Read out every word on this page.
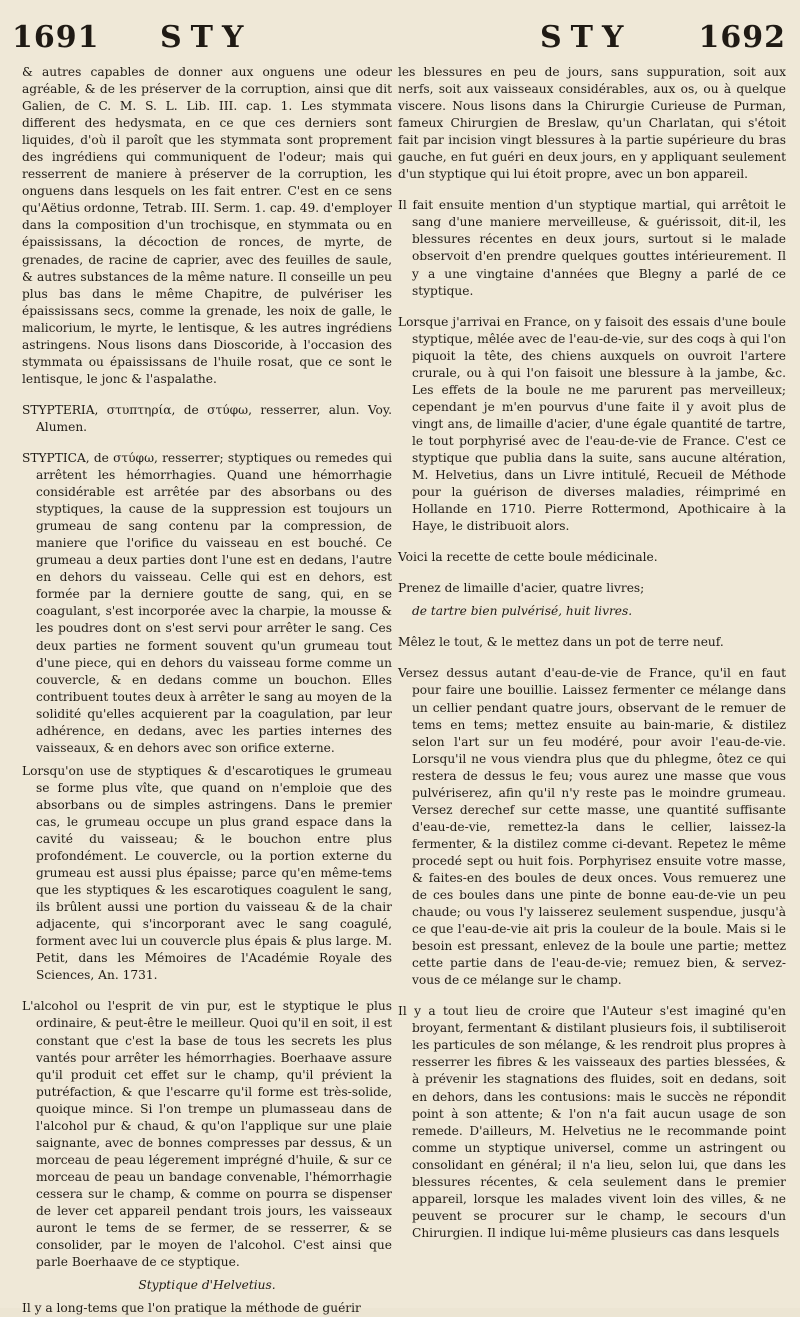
1691 STY	STY 1692

& autres capables de donner aux onguens une odeur agréable, & de les préserver de la corruption, ainsi que dit Galien, de C. M. S. L. Lib. III. cap. 1. Les stymmata different des hedysmata, en ce que ces derniers sont liquides, d'où il paroît que les stymmata sont proprement des ingrédiens qui communiquent de l'odeur; mais qui resserrent de maniere à préserver de la corruption, les onguens dans lesquels on les fait entrer. C'est en ce sens qu'Aëtius ordonne, Tetrab. III. Serm. 1. cap. 49. d'employer dans la composition d'un trochisque, en stymmata ou en épaississans, la décoction de ronces, de myrte, de grenades, de racine de caprier, avec des feuilles de saule, & autres substances de la même nature. Il conseille un peu plus bas dans le même Chapitre, de pulvériser les épaississans secs, comme la grenade, les noix de galle, le malicorium, le myrte, le lentisque, & les autres ingrédiens astringens. Nous lisons dans Dioscoride, à l'occasion des stymmata ou épaississans de l'huile rosat, que ce sont le lentisque, le jonc & l'aspalathe.

STYPTERIA, στυπτηρία, de στύφω, resserrer, alun. Voy. Alumen.

STYPTICA, de στύφω, resserrer; styptiques ou remedes qui arrêtent les hémorrhagies. Quand une hémorrhagie considérable est arrêtée par des absorbans ou des styptiques, la cause de la suppression est toujours un grumeau de sang contenu par la compression, de maniere que l'orifice du vaisseau en est bouché. Ce grumeau a deux parties dont l'une est en dedans, l'autre en dehors du vaisseau. Celle qui est en dehors, est formée par la derniere goutte de sang, qui, en se coagulant, s'est incorporée avec la charpie, la mousse & les poudres dont on s'est servi pour arrêter le sang. Ces deux parties ne forment souvent qu'un grumeau tout d'une piece, qui en dehors du vaisseau forme comme un couvercle, & en dedans comme un bouchon. Elles contribuent toutes deux à arrêter le sang au moyen de la solidité qu'elles acquierent par la coagulation, par leur adhérence, en dedans, avec les parties internes des vaisseaux, & en dehors avec son orifice externe.

Lorsqu'on use de styptiques & d'escarotiques le grumeau se forme plus vîte, que quand on n'emploie que des absorbans ou de simples astringens. Dans le premier cas, le grumeau occupe un plus grand espace dans la cavité du vaisseau; & le bouchon entre plus profondément. Le couvercle, ou la portion externe du grumeau est aussi plus épaisse; parce qu'en même-tems que les styptiques & les escarotiques coagulent le sang, ils brûlent aussi une portion du vaisseau & de la chair adjacente, qui s'incorporant avec le sang coagulé, forment avec lui un couvercle plus épais & plus large. M. Petit, dans les Mémoires de l'Académie Royale des Sciences, An. 1731.

L'alcohol ou l'esprit de vin pur, est le styptique le plus ordinaire, & peut-être le meilleur. Quoi qu'il en soit, il est constant que c'est la base de tous les secrets les plus vantés pour arrêter les hémorrhagies. Boerhaave assure qu'il produit cet effet sur le champ, qu'il prévient la putréfaction, & que l'escarre qu'il forme est très-solide, quoique mince. Si l'on trempe un plumasseau dans de l'alcohol pur & chaud, & qu'on l'applique sur une plaie saignante, avec de bonnes compresses par dessus, & un morceau de peau légerement imprégné d'huile, & sur ce morceau de peau un bandage convenable, l'hémorrhagie cessera sur le champ, & comme on pourra se dispenser de lever cet appareil pendant trois jours, les vaisseaux auront le tems de se fermer, de se resserrer, & se consolider, par le moyen de l'alcohol. C'est ainsi que parle Boerhaave de ce styptique.

Styptique d'Helvetius.

Il y a long-tems que l'on pratique la méthode de guérir

les blessures en peu de jours, sans suppuration, soit aux nerfs, soit aux vaisseaux considérables, aux os, ou à quelque viscere. Nous lisons dans la Chirurgie Curieuse de Purman, fameux Chirurgien de Breslaw, qu'un Charlatan, qui s'étoit fait par incision vingt blessures à la partie supérieure du bras gauche, en fut guéri en deux jours, en y appliquant seulement d'un styptique qui lui étoit propre, avec un bon appareil.

Il fait ensuite mention d'un styptique martial, qui arrêtoit le sang d'une maniere merveilleuse, & guérissoit, dit-il, les blessures récentes en deux jours, surtout si le malade observoit d'en prendre quelques gouttes intérieurement. Il y a une vingtaine d'années que Blegny a parlé de ce styptique.

Lorsque j'arrivai en France, on y faisoit des essais d'une boule styptique, mêlée avec de l'eau-de-vie, sur des coqs à qui l'on piquoit la tête, des chiens auxquels on ouvroit l'artere crurale, ou à qui l'on faisoit une blessure à la jambe, &c. Les effets de la boule ne me parurent pas merveilleux; cependant je m'en pourvus d'une faite il y avoit plus de vingt ans, de limaille d'acier, d'une égale quantité de tartre, le tout porphyrisé avec de l'eau-de-vie de France. C'est ce styptique que publia dans la suite, sans aucune altération, M. Helvetius, dans un Livre intitulé, Recueil de Méthode pour la guérison de diverses maladies, réimprimé en Hollande en 1710. Pierre Rottermond, Apothicaire à la Haye, le distribuoit alors.

Voici la recette de cette boule médicinale.

Prenez de limaille d'acier, quatre livres;

de tartre bien pulvérisé, huit livres.

Mêlez le tout, & le mettez dans un pot de terre neuf.

Versez dessus autant d'eau-de-vie de France, qu'il en faut pour faire une bouillie. Laissez fermenter ce mélange dans un cellier pendant quatre jours, observant de le remuer de tems en tems; mettez ensuite au bain-marie, & distilez selon l'art sur un feu modéré, pour avoir l'eau-de-vie. Lorsqu'il ne vous viendra plus que du phlegme, ôtez ce qui restera de dessus le feu; vous aurez une masse que vous pulvériserez, afin qu'il n'y reste pas le moindre grumeau. Versez derechef sur cette masse, une quantité suffisante d'eau-de-vie, remettez-la dans le cellier, laissez-la fermenter, & la distilez comme ci-devant. Repetez le même procedé sept ou huit fois. Porphyrisez ensuite votre masse, & faites-en des boules de deux onces. Vous remuerez une de ces boules dans une pinte de bonne eau-de-vie un peu chaude; ou vous l'y laisserez seulement suspendue, jusqu'à ce que l'eau-de-vie ait pris la couleur de la boule. Mais si le besoin est pressant, enlevez de la boule une partie; mettez cette partie dans de l'eau-de-vie; remuez bien, & servez-vous de ce mélange sur le champ.

Il y a tout lieu de croire que l'Auteur s'est imaginé qu'en broyant, fermentant & distilant plusieurs fois, il subtiliseroit les particules de son mélange, & les rendroit plus propres à resserrer les fibres & les vaisseaux des parties blessées, & à prévenir les stagnations des fluides, soit en dedans, soit en dehors, dans les contusions: mais le succès ne répondit point à son attente; & l'on n'a fait aucun usage de son remede. D'ailleurs, M. Helvetius ne le recommande point comme un styptique universel, comme un astringent ou consolidant en général; il n'a lieu, selon lui, que dans les blessures récentes, & cela seulement dans le premier appareil, lorsque les malades vivent loin des villes, & ne peuvent se procurer sur le champ, le secours d'un Chirurgien. Il indique lui-même plusieurs cas dans lesquels
